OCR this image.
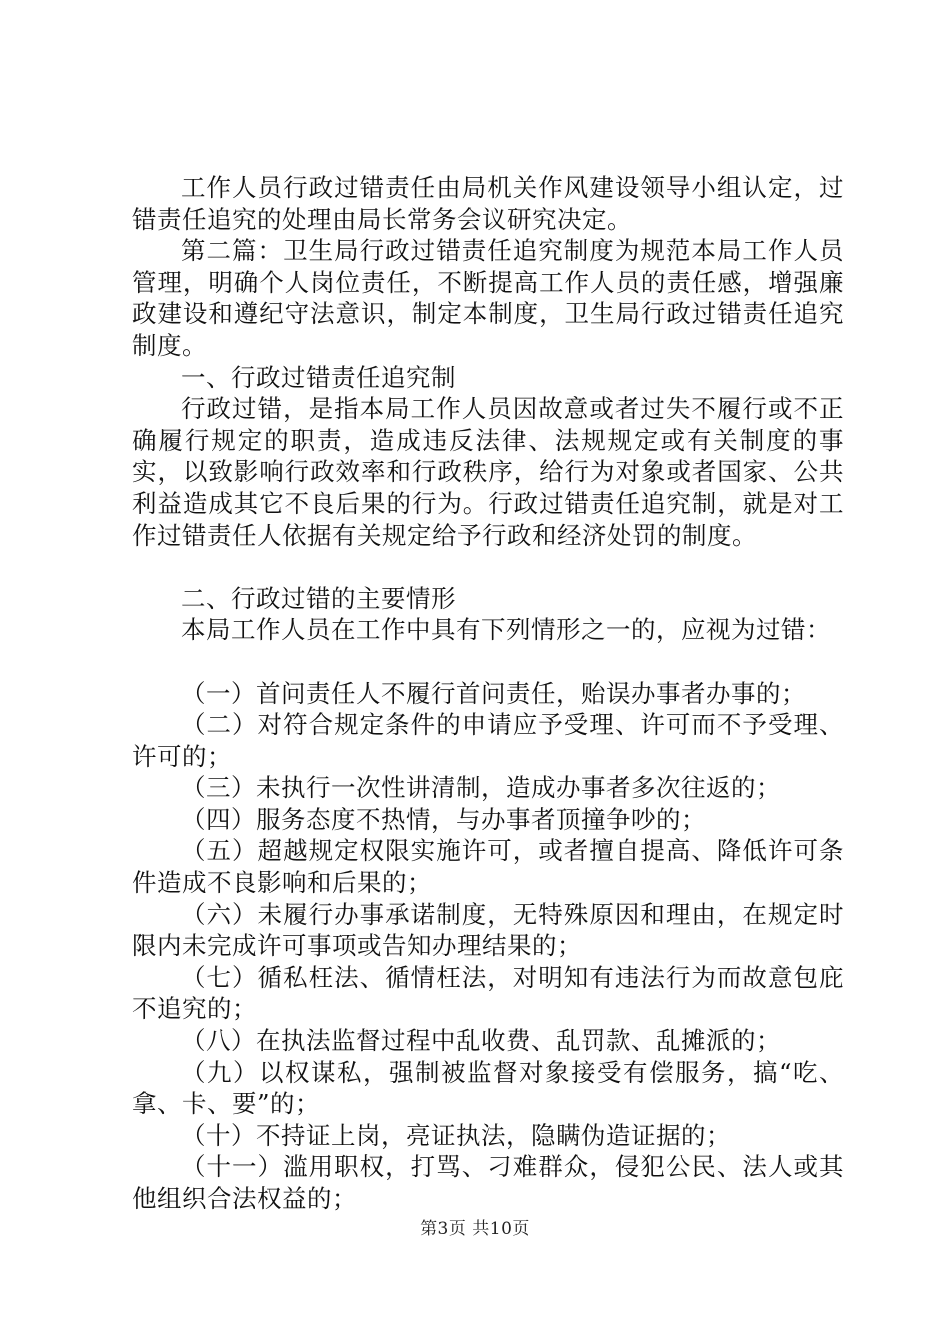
工作人员行政过错责任由局机关作风建设领导小组认定，过错责任追究的处理由局长常务会议研究决定。

第二篇：卫生局行政过错责任追究制度为规范本局工作人员管理，明确个人岗位责任，不断提高工作人员的责任感，增强廉政建设和遵纪守法意识，制定本制度，卫生局行政过错责任追究制度。

一、行政过错责任追究制

行政过错，是指本局工作人员因故意或者过失不履行或不正确履行规定的职责，造成违反法律、法规规定或有关制度的事实，以致影响行政效率和行政秩序，给行为对象或者国家、公共利益造成其它不良后果的行为。行政过错责任追究制，就是对工作过错责任人依据有关规定给予行政和经济处罚的制度。

二、行政过错的主要情形

本局工作人员在工作中具有下列情形之一的，应视为过错：

（一）首问责任人不履行首问责任，贻误办事者办事的；

（二）对符合规定条件的申请应予受理、许可而不予受理、许可的；

（三）未执行一次性讲清制，造成办事者多次往返的；

（四）服务态度不热情，与办事者顶撞争吵的；

（五）超越规定权限实施许可，或者擅自提高、降低许可条件造成不良影响和后果的；

（六）未履行办事承诺制度，无特殊原因和理由，在规定时限内未完成许可事项或告知办理结果的；

（七）循私枉法、循情枉法，对明知有违法行为而故意包庇不追究的；

（八）在执法监督过程中乱收费、乱罚款、乱摊派的；

（九）以权谋私，强制被监督对象接受有偿服务，搞“吃、拿、卡、要”的；

（十）不持证上岗，亮证执法，隐瞒伪造证据的；

（十一）滥用职权，打骂、刁难群众，侵犯公民、法人或其他组织合法权益的；

第3页 共10页
